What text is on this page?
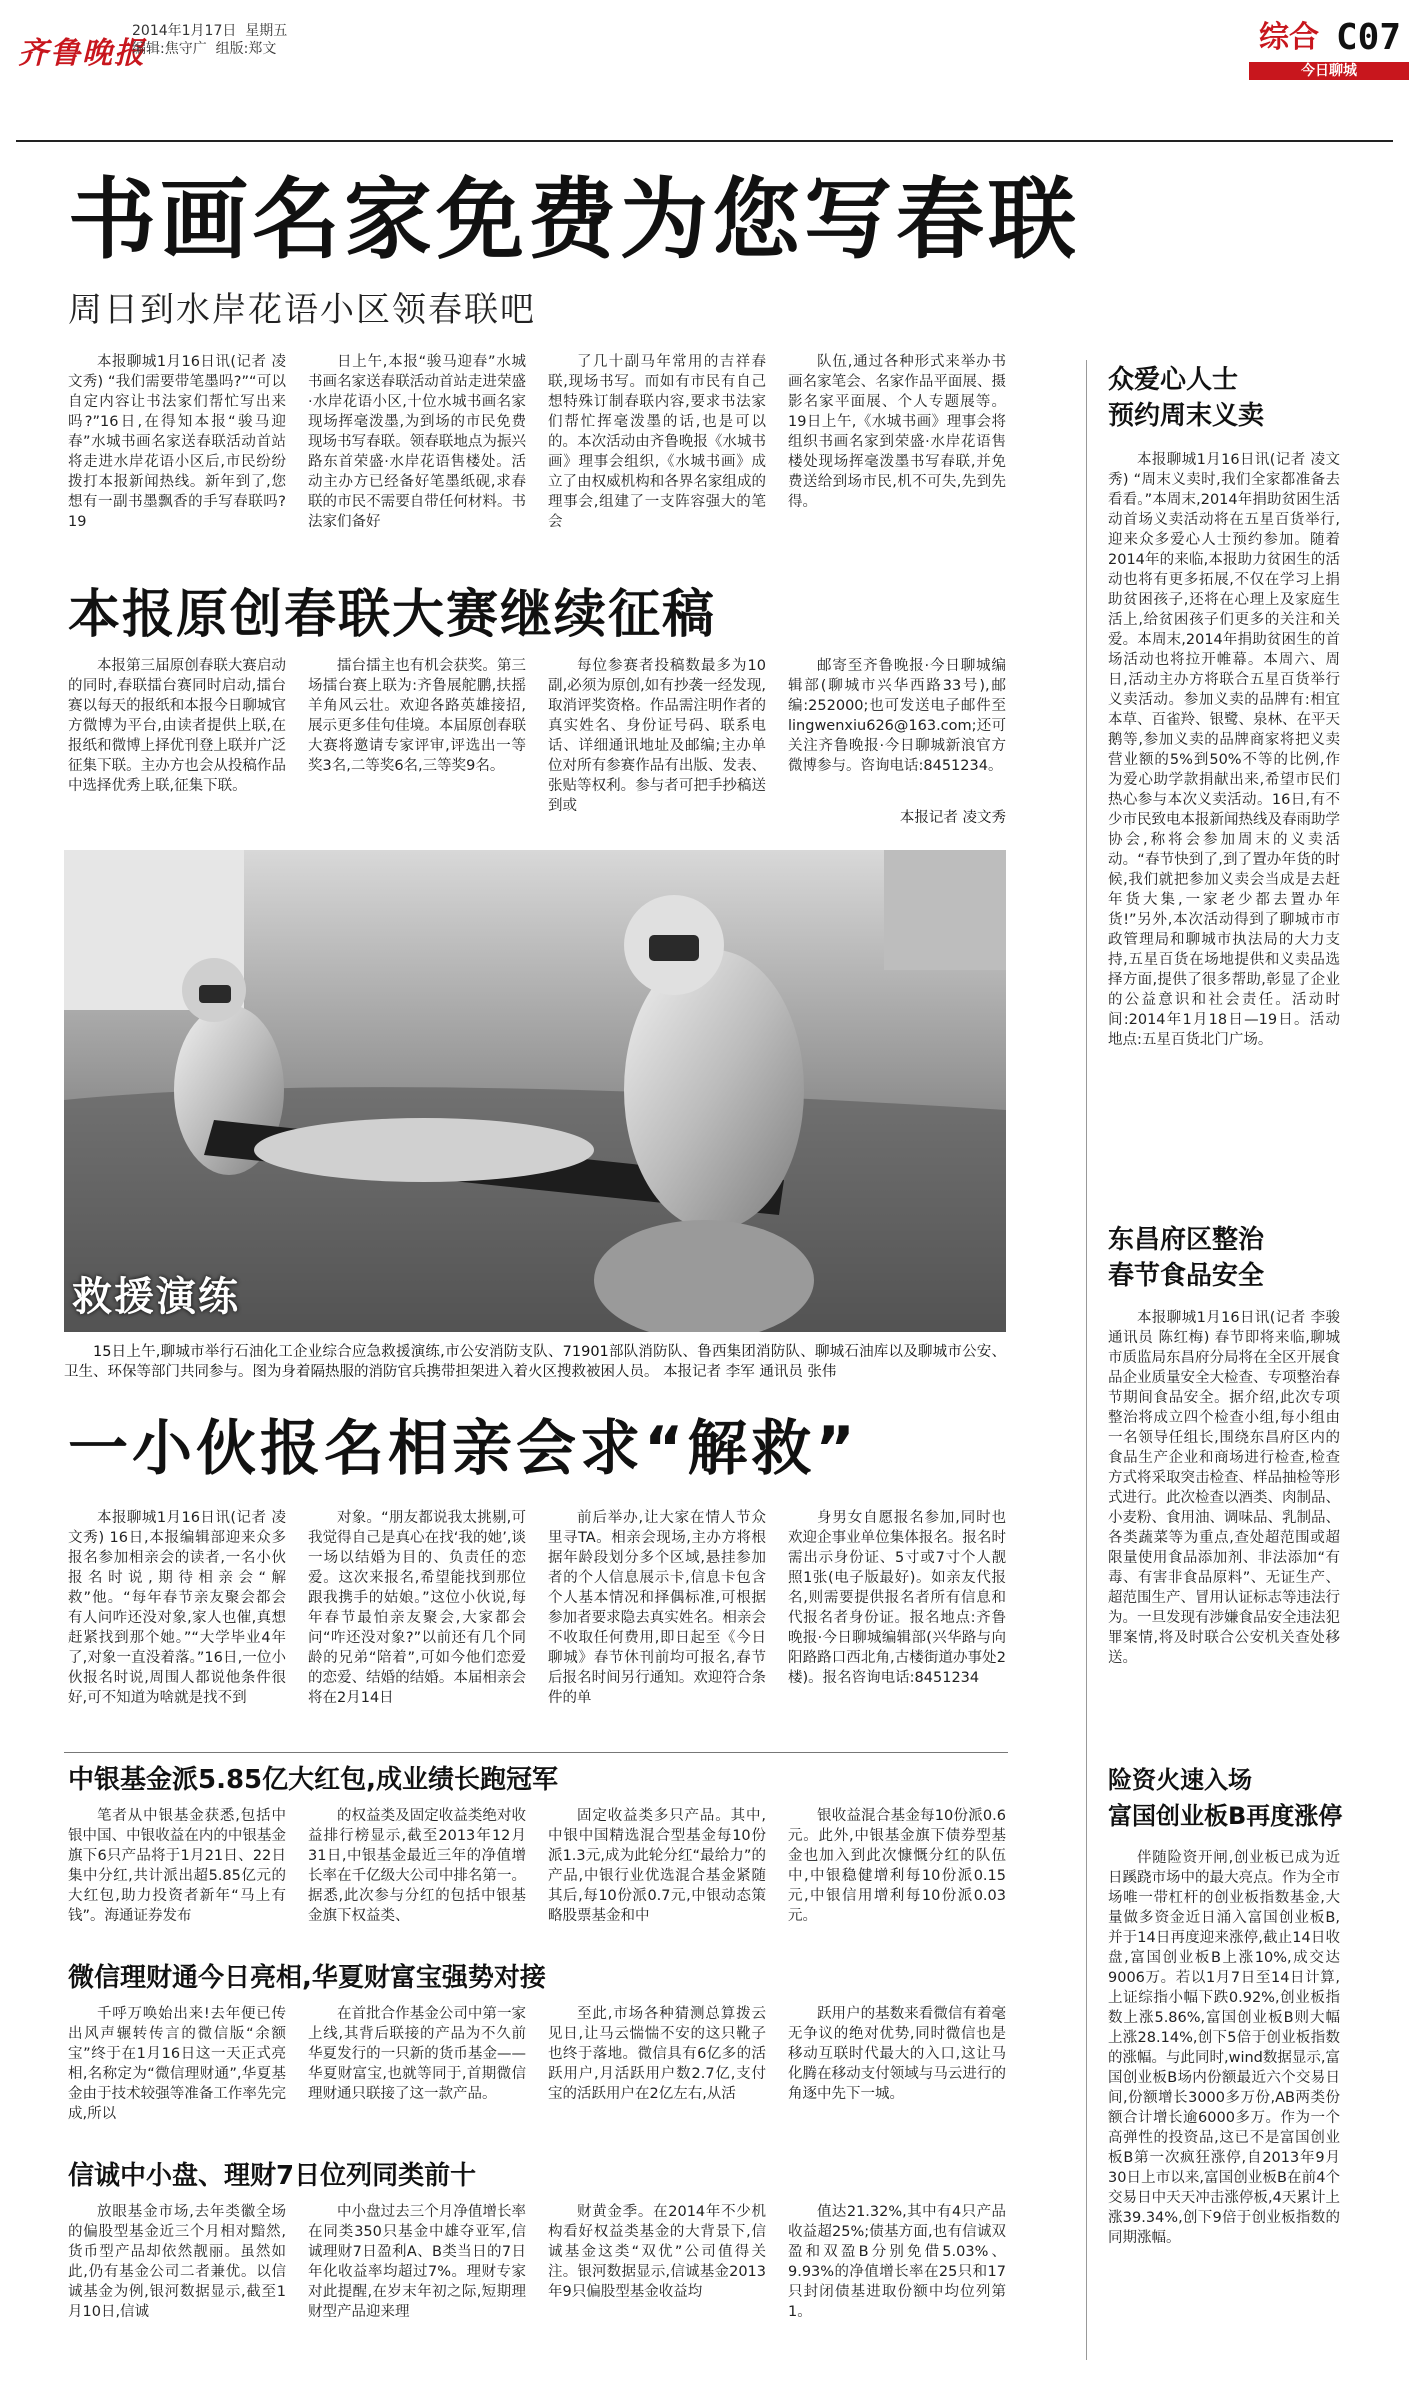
齐鲁晚报
2014年1月17日 星期五
编辑:焦守广 组版:郑文	综合 C07
今日聊城
书画名家免费为您写春联
周日到水岸花语小区领春联吧

本报聊城1月16日讯(记者 凌文秀) “我们需要带笔墨吗?”“可以自定内容让书法家们帮忙写出来吗?”16日,在得知本报“骏马迎春”水城书画名家送春联活动首站将走进水岸花语小区后,市民纷纷拨打本报新闻热线。新年到了,您想有一副书墨飘香的手写春联吗?19

日上午,本报“骏马迎春”水城书画名家送春联活动首站走进荣盛·水岸花语小区,十位水城书画名家现场挥毫泼墨,为到场的市民免费现场书写春联。领春联地点为振兴路东首荣盛·水岸花语售楼处。活动主办方已经备好笔墨纸砚,求春联的市民不需要自带任何材料。书法家们备好

了几十副马年常用的吉祥春联,现场书写。而如有市民有自己想特殊订制春联内容,要求书法家们帮忙挥毫泼墨的话,也是可以的。本次活动由齐鲁晚报《水城书画》理事会组织,《水城书画》成立了由权威机构和各界名家组成的理事会,组建了一支阵容强大的笔会

队伍,通过各种形式来举办书画名家笔会、名家作品平面展、摄影名家平面展、个人专题展等。19日上午,《水城书画》理事会将组织书画名家到荣盛·水岸花语售楼处现场挥毫泼墨书写春联,并免费送给到场市民,机不可失,先到先得。

本报原创春联大赛继续征稿

本报第三届原创春联大赛启动的同时,春联擂台赛同时启动,擂台赛以每天的报纸和本报今日聊城官方微博为平台,由读者提供上联,在报纸和微博上择优刊登上联并广泛征集下联。主办方也会从投稿作品中选择优秀上联,征集下联。

擂台擂主也有机会获奖。第三场擂台赛上联为:齐鲁展舵鹏,扶摇羊角风云壮。欢迎各路英雄接招,展示更多佳句佳境。本届原创春联大赛将邀请专家评审,评选出一等奖3名,二等奖6名,三等奖9名。

每位参赛者投稿数最多为10副,必须为原创,如有抄袭一经发现,取消评奖资格。作品需注明作者的真实姓名、身份证号码、联系电话、详细通讯地址及邮编;主办单位对所有参赛作品有出版、发表、张贴等权利。参与者可把手抄稿送到或

邮寄至齐鲁晚报·今日聊城编辑部(聊城市兴华西路33号),邮编:252000;也可发送电子邮件至lingwenxiu626@163.com;还可关注齐鲁晚报·今日聊城新浪官方微博参与。咨询电话:8451234。

本报记者 凌文秀
救援演练

15日上午,聊城市举行石油化工企业综合应急救援演练,市公安消防支队、71901部队消防队、鲁西集团消防队、聊城石油库以及聊城市公安、卫生、环保等部门共同参与。图为身着隔热服的消防官兵携带担架进入着火区搜救被困人员。 本报记者 李军 通讯员 张伟

一小伙报名相亲会求“解救”

本报聊城1月16日讯(记者 凌文秀) 16日,本报编辑部迎来众多报名参加相亲会的读者,一名小伙报名时说,期待相亲会“解救”他。“每年春节亲友聚会都会有人问咋还没对象,家人也催,真想赶紧找到那个她。”“大学毕业4年了,对象一直没着落。”16日,一位小伙报名时说,周围人都说他条件很好,可不知道为啥就是找不到

对象。“朋友都说我太挑剔,可我觉得自己是真心在找‘我的她’,谈一场以结婚为目的、负责任的恋爱。这次来报名,希望能找到那位跟我携手的姑娘。”这位小伙说,每年春节最怕亲友聚会,大家都会问“咋还没对象?”以前还有几个同龄的兄弟“陪着”,可如今他们恋爱的恋爱、结婚的结婚。本届相亲会将在2月14日

前后举办,让大家在情人节众里寻TA。相亲会现场,主办方将根据年龄段划分多个区域,悬挂参加者的个人信息展示卡,信息卡包含个人基本情况和择偶标准,可根据参加者要求隐去真实姓名。相亲会不收取任何费用,即日起至《今日聊城》春节休刊前均可报名,春节后报名时间另行通知。欢迎符合条件的单

身男女自愿报名参加,同时也欢迎企事业单位集体报名。报名时需出示身份证、5寸或7寸个人靓照1张(电子版最好)。如亲友代报名,则需要提供报名者所有信息和代报名者身份证。报名地点:齐鲁晚报·今日聊城编辑部(兴华路与向阳路路口西北角,古楼街道办事处2楼)。报名咨询电话:8451234

中银基金派5.85亿大红包,成业绩长跑冠军

笔者从中银基金获悉,包括中银中国、中银收益在内的中银基金旗下6只产品将于1月21日、22日集中分红,共计派出超5.85亿元的大红包,助力投资者新年“马上有钱”。海通证券发布

的权益类及固定收益类绝对收益排行榜显示,截至2013年12月31日,中银基金最近三年的净值增长率在千亿级大公司中排名第一。据悉,此次参与分红的包括中银基金旗下权益类、

固定收益类多只产品。其中,中银中国精选混合型基金每10份派1.3元,成为此轮分红“最给力”的产品,中银行业优选混合基金紧随其后,每10份派0.7元,中银动态策略股票基金和中

银收益混合基金每10份派0.6元。此外,中银基金旗下债券型基金也加入到此次慷慨分红的队伍中,中银稳健增利每10份派0.15元,中银信用增利每10份派0.03元。

微信理财通今日亮相,华夏财富宝强势对接

千呼万唤始出来!去年便已传出风声辗转传言的微信版“余额宝”终于在1月16日这一天正式亮相,名称定为“微信理财通”,华夏基金由于技术较强等准备工作率先完成,所以

在首批合作基金公司中第一家上线,其背后联接的产品为不久前华夏发行的一只新的货币基金——华夏财富宝,也就等同于,首期微信理财通只联接了这一款产品。

至此,市场各种猜测总算拨云见日,让马云惴惴不安的这只靴子也终于落地。微信具有6亿多的活跃用户,月活跃用户数2.7亿,支付宝的活跃用户在2亿左右,从活

跃用户的基数来看微信有着毫无争议的绝对优势,同时微信也是移动互联时代最大的入口,这让马化腾在移动支付领域与马云进行的角逐中先下一城。

信诚中小盘、理财7日位列同类前十

放眼基金市场,去年类徽全场的偏股型基金近三个月相对黯然,货币型产品却依然靓丽。虽然如此,仍有基金公司二者兼优。以信诚基金为例,银河数据显示,截至1月10日,信诚

中小盘过去三个月净值增长率在同类350只基金中雄夺亚军,信诚理财7日盈利A、B类当日的7日年化收益率均超过7%。理财专家对此提醒,在岁末年初之际,短期理财型产品迎来理

财黄金季。在2014年不少机构看好权益类基金的大背景下,信诚基金这类“双优”公司值得关注。银河数据显示,信诚基金2013年9只偏股型基金收益均

值达21.32%,其中有4只产品收益超25%;债基方面,也有信诚双盈和双盈B分别免借5.03%、9.93%的净值增长率在25只和17只封闭债基进取份额中均位列第1。

众爱心人士
预约周末义卖

本报聊城1月16日讯(记者 凌文秀) “周末义卖时,我们全家都准备去看看。”本周末,2014年捐助贫困生活动首场义卖活动将在五星百货举行,迎来众多爱心人士预约参加。随着2014年的来临,本报助力贫困生的活动也将有更多拓展,不仅在学习上捐助贫困孩子,还将在心理上及家庭生活上,给贫困孩子们更多的关注和关爱。本周末,2014年捐助贫困生的首场活动也将拉开帷幕。本周六、周日,活动主办方将联合五星百货举行义卖活动。参加义卖的品牌有:相宜本草、百雀羚、银鹭、泉林、在平天鹅等,参加义卖的品牌商家将把义卖营业额的5%到50%不等的比例,作为爱心助学款捐献出来,希望市民们热心参与本次义卖活动。16日,有不少市民致电本报新闻热线及春雨助学协会,称将会参加周末的义卖活动。“春节快到了,到了置办年货的时候,我们就把参加义卖会当成是去赶年货大集,一家老少都去置办年货!”另外,本次活动得到了聊城市市政管理局和聊城市执法局的大力支持,五星百货在场地提供和义卖品选择方面,提供了很多帮助,彰显了企业的公益意识和社会责任。活动时间:2014年1月18日—19日。活动地点:五星百货北门广场。

东昌府区整治
春节食品安全

本报聊城1月16日讯(记者 李骏 通讯员 陈红梅) 春节即将来临,聊城市质监局东昌府分局将在全区开展食品企业质量安全大检查、专项整治春节期间食品安全。据介绍,此次专项整治将成立四个检查小组,每小组由一名领导任组长,围绕东昌府区内的食品生产企业和商场进行检查,检查方式将采取突击检查、样品抽检等形式进行。此次检查以酒类、肉制品、小麦粉、食用油、调味品、乳制品、各类蔬菜等为重点,查处超范围或超限量使用食品添加剂、非法添加“有毒、有害非食品原料”、无证生产、超范围生产、冒用认证标志等违法行为。一旦发现有涉嫌食品安全违法犯罪案情,将及时联合公安机关查处移送。

险资火速入场
富国创业板B再度涨停

伴随险资开闸,创业板已成为近日蹊跷市场中的最大亮点。作为全市场唯一带杠杆的创业板指数基金,大量做多资金近日涌入富国创业板B,并于14日再度迎来涨停,截止14日收盘,富国创业板B上涨10%,成交达9006万。若以1月7日至14日计算,上证综指小幅下跌0.92%,创业板指数上涨5.86%,富国创业板B则大幅上涨28.14%,创下5倍于创业板指数的涨幅。与此同时,wind数据显示,富国创业板B场内份额最近六个交易日间,份额增长3000多万份,AB两类份额合计增长逾6000多万。作为一个高弹性的投资品,这已不是富国创业板B第一次疯狂涨停,自2013年9月30日上市以来,富国创业板B在前4个交易日中天天冲击涨停板,4天累计上涨39.34%,创下9倍于创业板指数的同期涨幅。
